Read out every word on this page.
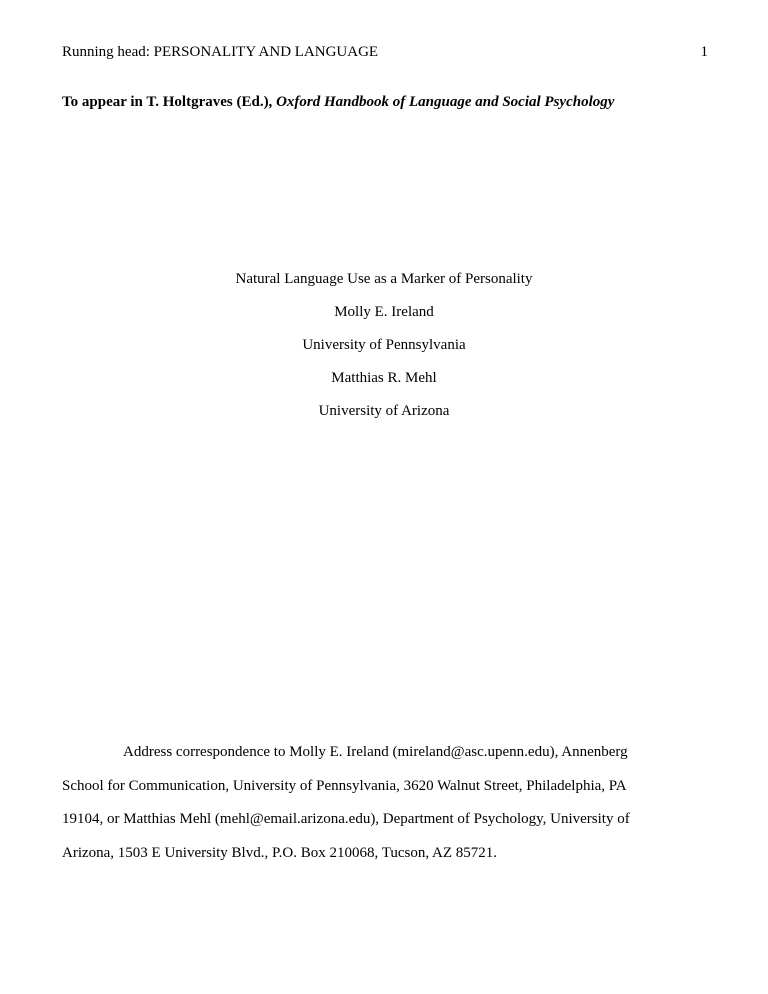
Running head: PERSONALITY AND LANGUAGE	1
To appear in T. Holtgraves (Ed.), Oxford Handbook of Language and Social Psychology
Natural Language Use as a Marker of Personality
Molly E. Ireland
University of Pennsylvania
Matthias R. Mehl
University of Arizona
Address correspondence to Molly E. Ireland (mireland@asc.upenn.edu), Annenberg
School for Communication, University of Pennsylvania, 3620 Walnut Street, Philadelphia, PA
19104, or Matthias Mehl (mehl@email.arizona.edu), Department of Psychology, University of
Arizona, 1503 E University Blvd., P.O. Box 210068, Tucson, AZ 85721.
